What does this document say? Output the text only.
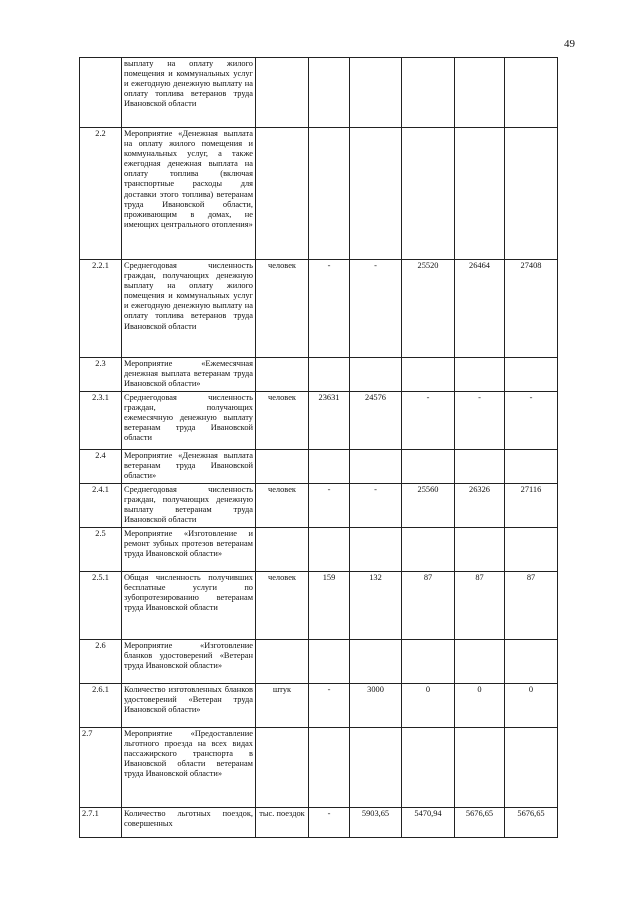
49
	выплату на оплату жилого помещения и коммунальных услуг и ежегодную денежную выплату на оплату топлива ветеранов труда Ивановской области						
2.2	Мероприятие «Денежная выплата на оплату жилого помещения и коммунальных услуг, а также ежегодная денежная выплата на оплату топлива (включая транспортные расходы для доставки этого топлива) ветеранам труда Ивановской области, проживающим в домах, не имеющих центрального отопления»						
2.2.1	Среднегодовая численность граждан, получающих денежную выплату на оплату жилого помещения и коммунальных услуг и ежегодную денежную выплату на оплату топлива ветеранов труда Ивановской области	человек	-	-	25520	26464	27408
2.3	Мероприятие «Ежемесячная денежная выплата ветеранам труда Ивановской области»						
2.3.1	Среднегодовая численность граждан, получающих ежемесячную денежную выплату ветеранам труда Ивановской области	человек	23631	24576	-	-	-
2.4	Мероприятие «Денежная выплата ветеранам труда Ивановской области»						
2.4.1	Среднегодовая численность граждан, получающих денежную выплату ветеранам труда Ивановской области	человек	-	-	25560	26326	27116
2.5	Мероприятие «Изготовление и ремонт зубных протезов ветеранам труда Ивановской области»						
2.5.1	Общая численность получивших бесплатные услуги по зубопротезированию ветеранам труда Ивановской области	человек	159	132	87	87	87
2.6	Мероприятие «Изготовление бланков удостоверений «Ветеран труда Ивановской области»						
2.6.1	Количество изготовленных бланков удостоверений «Ветеран труда Ивановской области»	штук	-	3000	0	0	0
2.7	Мероприятие «Предоставление льготного проезда на всех видах пассажирского транспорта в Ивановской области ветеранам труда Ивановской области»						
2.7.1	Количество льготных поездок, совершенных	тыс. поездок	-	5903,65	5470,94	5676,65	5676,65
